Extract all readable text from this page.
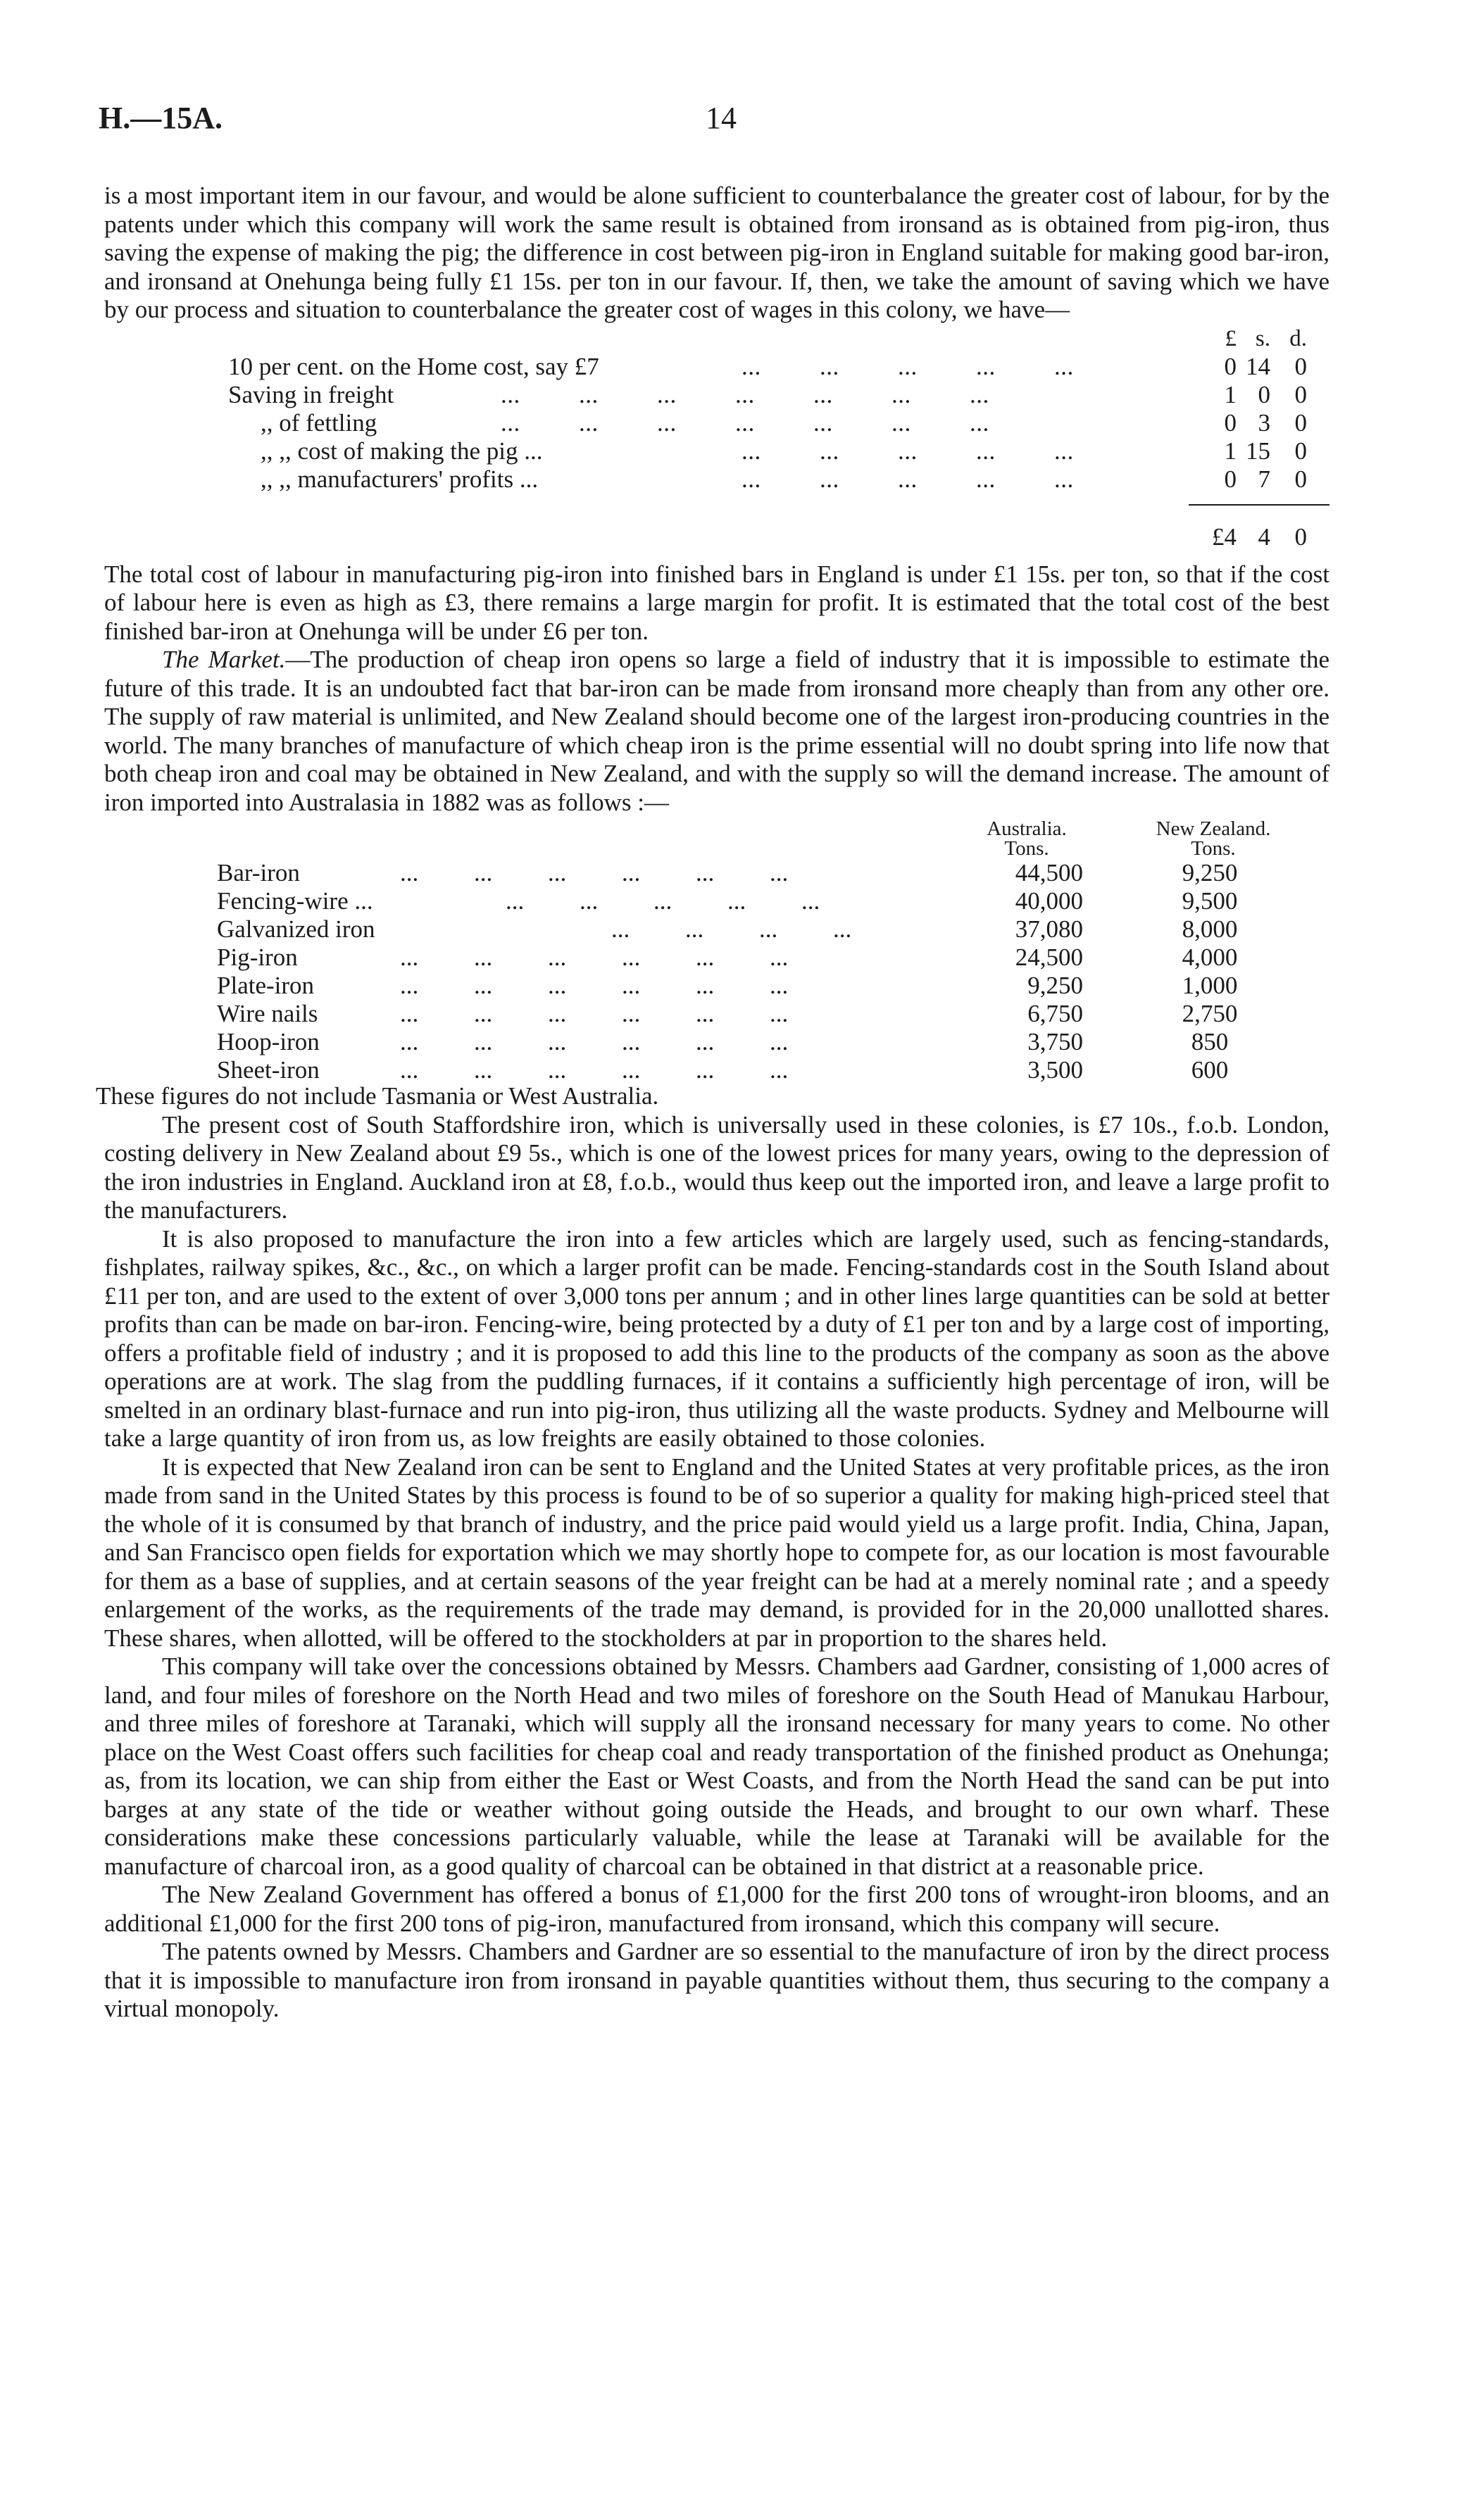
H.—15A.	14

is a most important item in our favour, and would be alone sufficient to counterbalance the greater cost of labour, for by the patents under which this company will work the same result is obtained from ironsand as is obtained from pig-iron, thus saving the expense of making the pig; the difference in cost between pig-iron in England suitable for making good bar-iron, and ironsand at Onehunga being fully £1 15s. per ton in our favour. If, then, we take the amount of saving which we have by our process and situation to counterbalance the greater cost of wages in this colony, we have—

£ s. d.
10 per cent. on the Home cost, say £7	...         ...         ...         ...         ...	0 14 0
Saving in freight	...         ...         ...         ...         ...         ...         ...	1 0 0
,, of fettling	...         ...         ...         ...         ...         ...         ...	0 3 0
,, ,, cost of making the pig ...	...         ...         ...         ...         ...	1 15 0
,, ,, manufacturers' profits ...	...         ...         ...         ...         ...	0 7 0
£4 4 0

The total cost of labour in manufacturing pig-iron into finished bars in England is under £1 15s. per ton, so that if the cost of labour here is even as high as £3, there remains a large margin for profit. It is estimated that the total cost of the best finished bar-iron at Onehunga will be under £6 per ton.

The Market.—The production of cheap iron opens so large a field of industry that it is impossible to estimate the future of this trade. It is an undoubted fact that bar-iron can be made from ironsand more cheaply than from any other ore. The supply of raw material is unlimited, and New Zealand should become one of the largest iron-producing countries in the world. The many branches of manufacture of which cheap iron is the prime essential will no doubt spring into life now that both cheap iron and coal may be obtained in New Zealand, and with the supply so will the demand increase. The amount of iron imported into Australasia in 1882 was as follows :—

Australia.	New Zealand.
Tons.	Tons.
Bar-iron	...         ...         ...         ...         ...         ...	44,500	9,250
Fencing-wire ...	...         ...         ...         ...         ...	40,000	9,500
Galvanized iron	...         ...         ...         ...	37,080	8,000
Pig-iron	...         ...         ...         ...         ...         ...	24,500	4,000
Plate-iron	...         ...         ...         ...         ...         ...	9,250	1,000
Wire nails	...         ...         ...         ...         ...         ...	6,750	2,750
Hoop-iron	...         ...         ...         ...         ...         ...	3,750	850
Sheet-iron	...         ...         ...         ...         ...         ...	3,500	600

These figures do not include Tasmania or West Australia.

The present cost of South Staffordshire iron, which is universally used in these colonies, is £7 10s., f.o.b. London, costing delivery in New Zealand about £9 5s., which is one of the lowest prices for many years, owing to the depression of the iron industries in England. Auckland iron at £8, f.o.b., would thus keep out the imported iron, and leave a large profit to the manufacturers.

It is also proposed to manufacture the iron into a few articles which are largely used, such as fencing-standards, fishplates, railway spikes, &c., &c., on which a larger profit can be made. Fencing-standards cost in the South Island about £11 per ton, and are used to the extent of over 3,000 tons per annum ; and in other lines large quantities can be sold at better profits than can be made on bar-iron. Fencing-wire, being protected by a duty of £1 per ton and by a large cost of importing, offers a profitable field of industry ; and it is proposed to add this line to the products of the company as soon as the above operations are at work. The slag from the puddling furnaces, if it contains a sufficiently high percentage of iron, will be smelted in an ordinary blast-furnace and run into pig-iron, thus utilizing all the waste products. Sydney and Melbourne will take a large quantity of iron from us, as low freights are easily obtained to those colonies.

It is expected that New Zealand iron can be sent to England and the United States at very profitable prices, as the iron made from sand in the United States by this process is found to be of so superior a quality for making high-priced steel that the whole of it is consumed by that branch of industry, and the price paid would yield us a large profit. India, China, Japan, and San Francisco open fields for exportation which we may shortly hope to compete for, as our location is most favourable for them as a base of supplies, and at certain seasons of the year freight can be had at a merely nominal rate ; and a speedy enlargement of the works, as the requirements of the trade may demand, is provided for in the 20,000 unallotted shares. These shares, when allotted, will be offered to the stockholders at par in proportion to the shares held.

This company will take over the concessions obtained by Messrs. Chambers aad Gardner, consisting of 1,000 acres of land, and four miles of foreshore on the North Head and two miles of foreshore on the South Head of Manukau Harbour, and three miles of foreshore at Taranaki, which will supply all the ironsand necessary for many years to come. No other place on the West Coast offers such facilities for cheap coal and ready transportation of the finished product as Onehunga; as, from its location, we can ship from either the East or West Coasts, and from the North Head the sand can be put into barges at any state of the tide or weather without going outside the Heads, and brought to our own wharf. These considerations make these concessions particularly valuable, while the lease at Taranaki will be available for the manufacture of charcoal iron, as a good quality of charcoal can be obtained in that district at a reasonable price.

The New Zealand Government has offered a bonus of £1,000 for the first 200 tons of wrought-iron blooms, and an additional £1,000 for the first 200 tons of pig-iron, manufactured from ironsand, which this company will secure.

The patents owned by Messrs. Chambers and Gardner are so essential to the manufacture of iron by the direct process that it is impossible to manufacture iron from ironsand in payable quantities without them, thus securing to the company a virtual monopoly.
